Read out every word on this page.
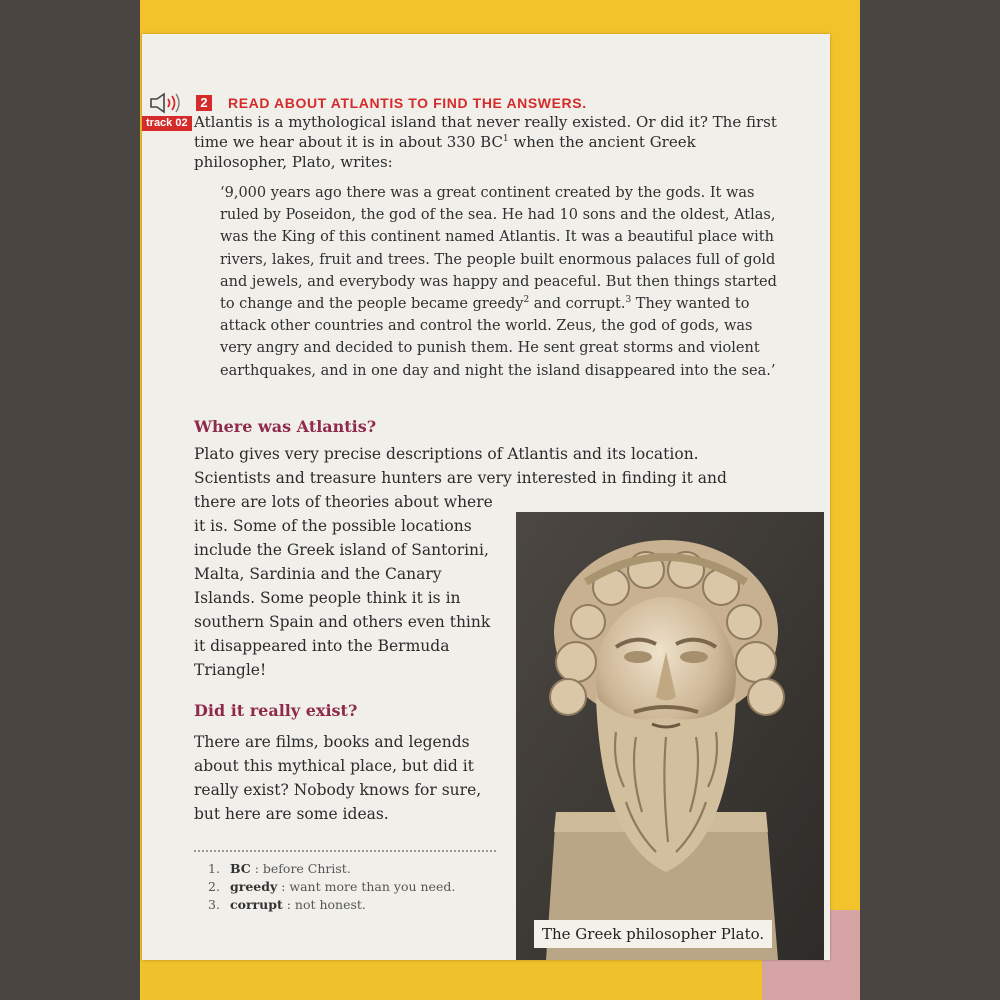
2	READ ABOUT ATLANTIS TO FIND THE ANSWERS.
track 02 Atlantis is a mythological island that never really existed. Or did it? The first time we hear about it is in about 330 $BC^1$ when the ancient Greek philosopher, Plato, writes:

‘9,000 years ago there was a great continent created by the gods. It was ruled by Poseidon, the god of the sea. He had 10 sons and the oldest, Atlas, was the King of this continent named Atlantis. It was a beautiful place with rivers, lakes, fruit and trees. The people built enormous palaces full of gold and jewels, and everybody was happy and peaceful. But then things started to change and the people became greedy$^2$ and corrupt.$^3$ They wanted to attack other countries and control the world. Zeus, the god of gods, was very angry and decided to punish them. He sent great storms and violent earthquakes, and in one day and night the island disappeared into the sea.’

Where was Atlantis?
Plato gives very precise descriptions of Atlantis and its location.
Scientists and treasure hunters are very interested in finding it and
there are lots of theories about where
it is. Some of the possible locations
include the Greek island of Santorini,
Malta, Sardinia and the Canary
Islands. Some people think it is in
southern Spain and others even think
it disappeared into the Bermuda
Triangle!
Did it really exist?
There are films, books and legends
about this mythical place, but did it
really exist? Nobody knows for sure,
but here are some ideas.
1. BC : before Christ.
2. greedy : want more than you need.
3. corrupt : not honest.
The Greek philosopher Plato.
